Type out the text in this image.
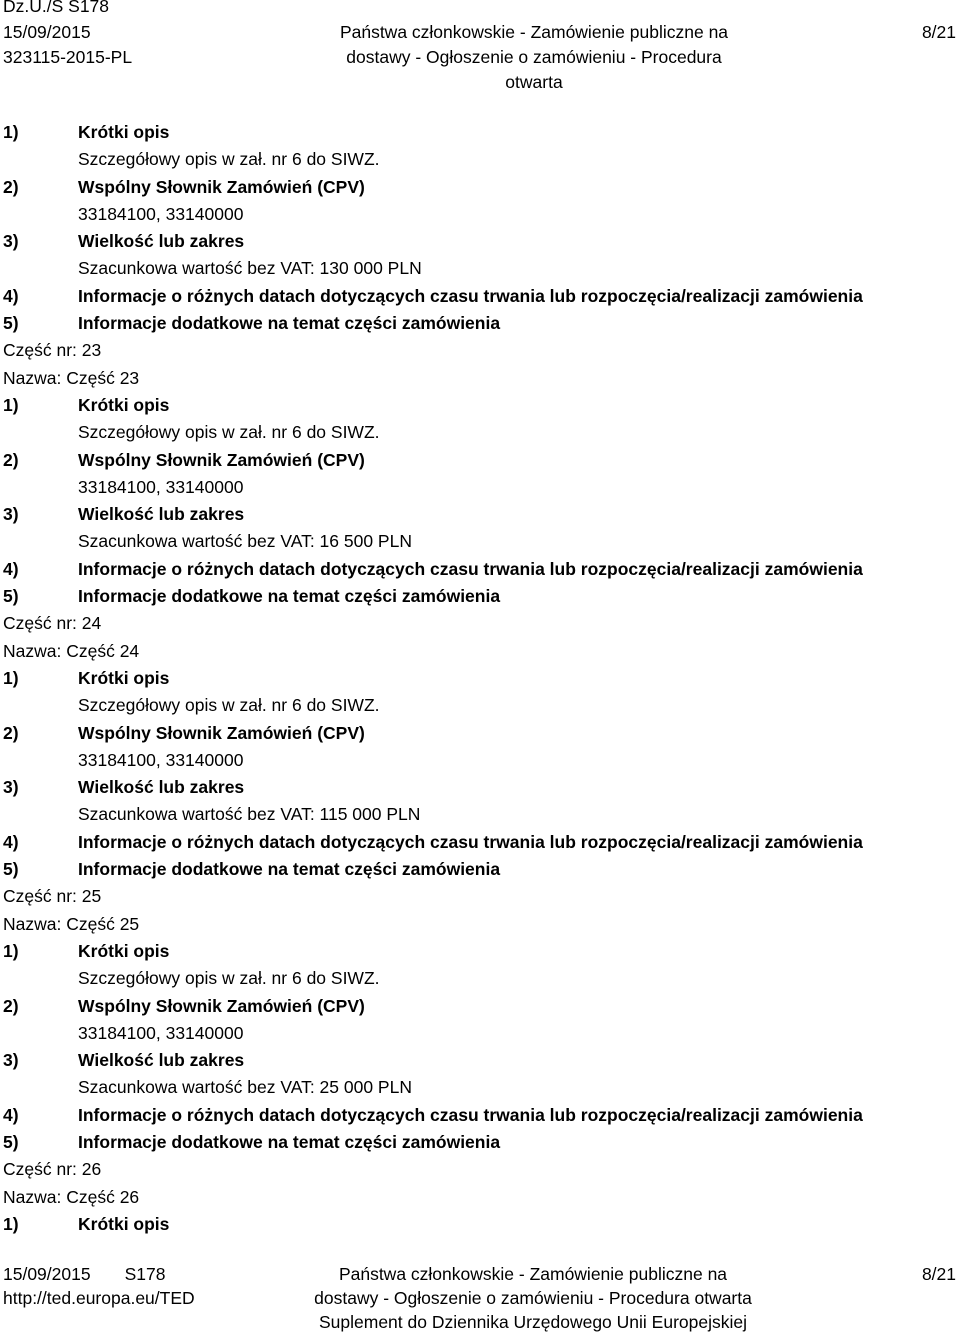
Dz.U./S S178
15/09/2015
323115-2015-PL
Państwa członkowskie - Zamówienie publiczne na
dostawy - Ogłoszenie o zamówieniu - Procedura otwarta
8/21
1)	Krótki opis
Szczegółowy opis w zał. nr 6 do SIWZ.
2)	Wspólny Słownik Zamówień (CPV)
33184100, 33140000
3)	Wielkość lub zakres
Szacunkowa wartość bez VAT: 130 000 PLN
4)	Informacje o różnych datach dotyczących czasu trwania lub rozpoczęcia/realizacji zamówienia
5)	Informacje dodatkowe na temat części zamówienia
Część nr: 23
Nazwa: Część 23
1)	Krótki opis
Szczegółowy opis w zał. nr 6 do SIWZ.
2)	Wspólny Słownik Zamówień (CPV)
33184100, 33140000
3)	Wielkość lub zakres
Szacunkowa wartość bez VAT: 16 500 PLN
4)	Informacje o różnych datach dotyczących czasu trwania lub rozpoczęcia/realizacji zamówienia
5)	Informacje dodatkowe na temat części zamówienia
Część nr: 24
Nazwa: Część 24
1)	Krótki opis
Szczegółowy opis w zał. nr 6 do SIWZ.
2)	Wspólny Słownik Zamówień (CPV)
33184100, 33140000
3)	Wielkość lub zakres
Szacunkowa wartość bez VAT: 115 000 PLN
4)	Informacje o różnych datach dotyczących czasu trwania lub rozpoczęcia/realizacji zamówienia
5)	Informacje dodatkowe na temat części zamówienia
Część nr: 25
Nazwa: Część 25
1)	Krótki opis
Szczegółowy opis w zał. nr 6 do SIWZ.
2)	Wspólny Słownik Zamówień (CPV)
33184100, 33140000
3)	Wielkość lub zakres
Szacunkowa wartość bez VAT: 25 000 PLN
4)	Informacje o różnych datach dotyczących czasu trwania lub rozpoczęcia/realizacji zamówienia
5)	Informacje dodatkowe na temat części zamówienia
Część nr: 26
Nazwa: Część 26
1)	Krótki opis
15/09/2015 S178
http://ted.europa.eu/TED
Państwa członkowskie - Zamówienie publiczne na
dostawy - Ogłoszenie o zamówieniu - Procedura otwarta
Suplement do Dziennika Urzędowego Unii Europejskiej
8/21
